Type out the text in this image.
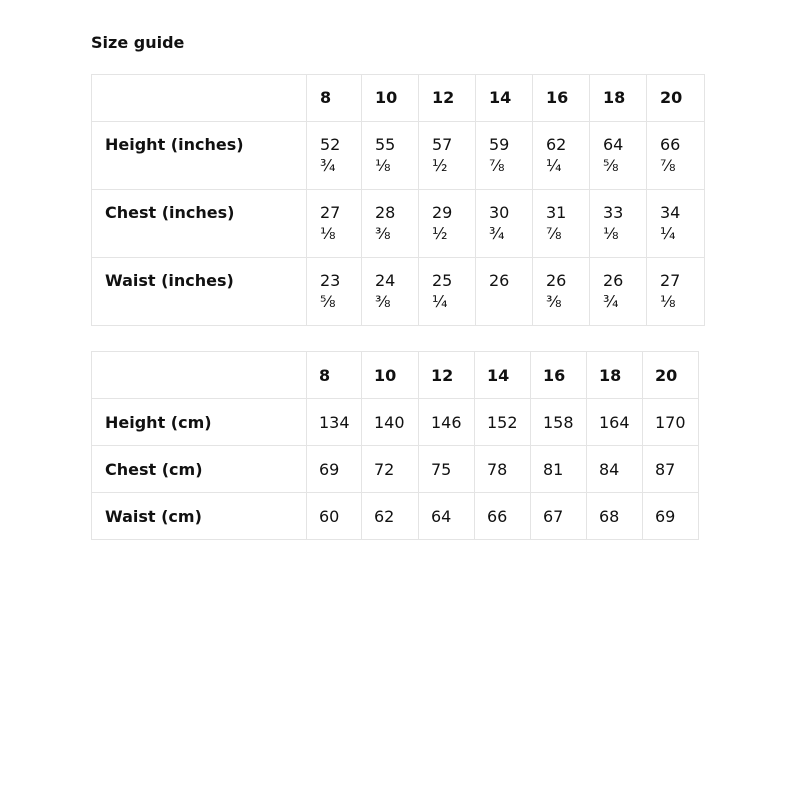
Size guide
	8	10	12	14	16	18	20
Height (inches)	52 ¾	55 ⅛	57 ½	59 ⅞	62 ¼	64 ⅝	66 ⅞

Chest (inches)	27 ⅛	28 ⅜	29 ½	30 ¾	31 ⅞	33 ⅛	34 ¼

Waist (inches)	23 ⅝	24 ⅜	25 ¼	26	26 ⅜	26 ¾	27 ⅛
	8	10	12	14	16	18	20
Height (cm)	134	140	146	152	158	164	170
Chest (cm)	69	72	75	78	81	84	87
Waist (cm)	60	62	64	66	67	68	69
